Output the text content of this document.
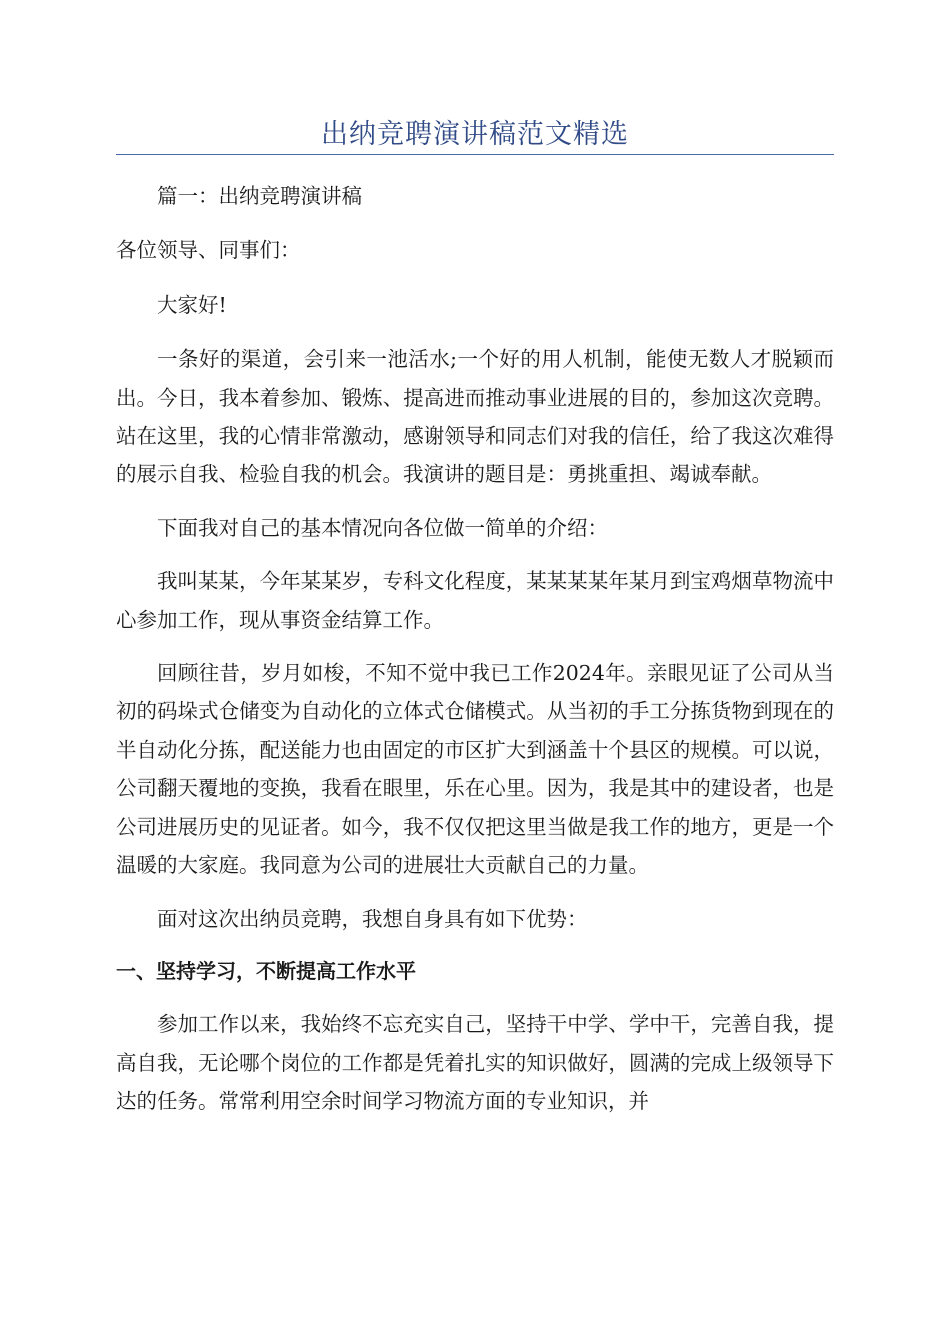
出纳竞聘演讲稿范文精选

篇一：出纳竞聘演讲稿

各位领导、同事们：

大家好!

一条好的渠道，会引来一池活水;一个好的用人机制，能使无数人才脱颖而出。今日，我本着参加、锻炼、提高进而推动事业进展的目的，参加这次竞聘。站在这里，我的心情非常激动，感谢领导和同志们对我的信任，给了我这次难得的展示自我、检验自我的机会。我演讲的题目是：勇挑重担、竭诚奉献。

下面我对自己的基本情况向各位做一简单的介绍：

我叫某某，今年某某岁，专科文化程度，某某某某年某月到宝鸡烟草物流中心参加工作，现从事资金结算工作。

回顾往昔，岁月如梭，不知不觉中我已工作2024年。亲眼见证了公司从当初的码垛式仓储变为自动化的立体式仓储模式。从当初的手工分拣货物到现在的半自动化分拣，配送能力也由固定的市区扩大到涵盖十个县区的规模。可以说，公司翻天覆地的变换，我看在眼里，乐在心里。因为，我是其中的建设者，也是公司进展历史的见证者。如今，我不仅仅把这里当做是我工作的地方，更是一个温暖的大家庭。我同意为公司的进展壮大贡献自己的力量。

面对这次出纳员竞聘，我想自身具有如下优势：

一、坚持学习，不断提高工作水平

参加工作以来，我始终不忘充实自己，坚持干中学、学中干，完善自我，提高自我，无论哪个岗位的工作都是凭着扎实的知识做好，圆满的完成上级领导下达的任务。常常利用空余时间学习物流方面的专业知识，并
